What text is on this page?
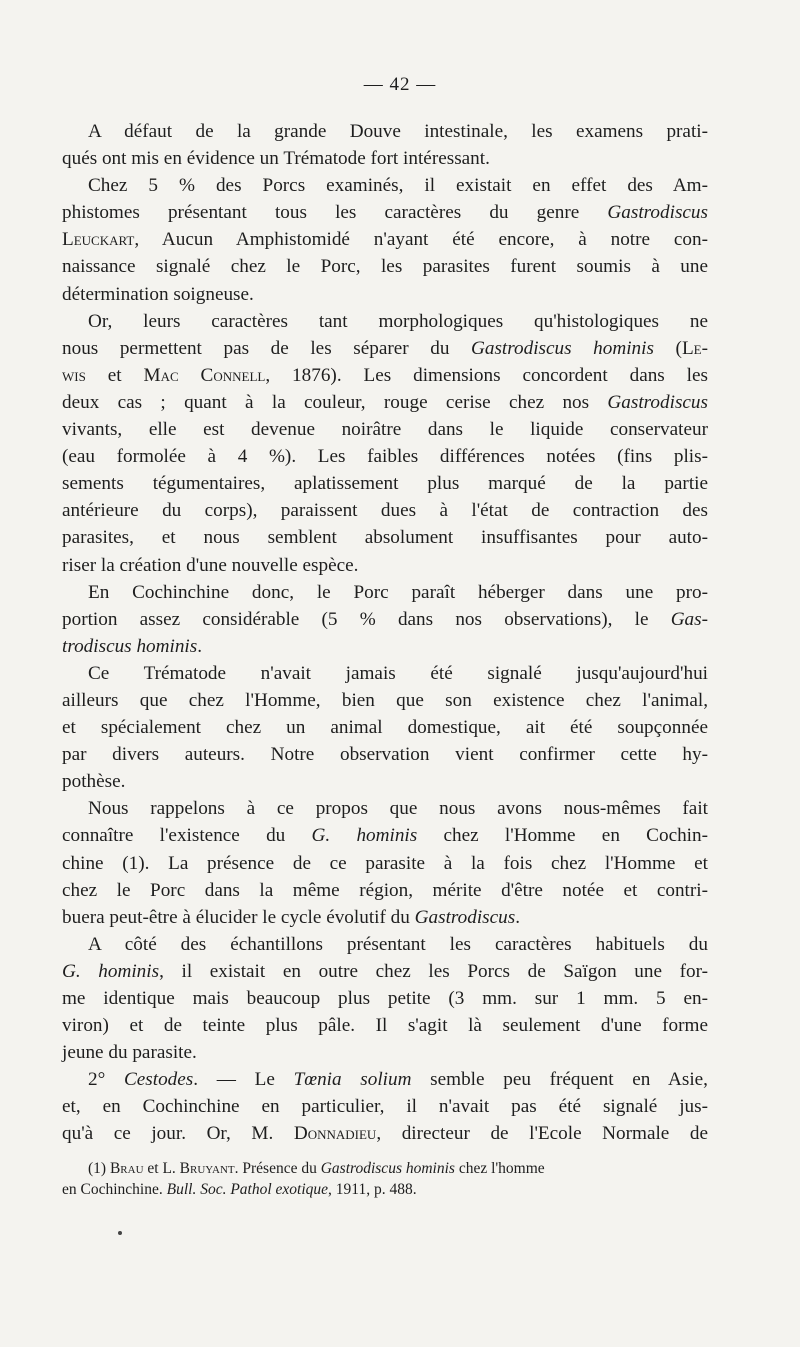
— 42 —
A défaut de la grande Douve intestinale, les examens prati-
qués ont mis en évidence un Trématode fort intéressant.
Chez 5 % des Porcs examinés, il existait en effet des Am-
phistomes présentant tous les caractères du genre Gastrodiscus
Leuckart, Aucun Amphistomidé n'ayant été encore, à notre con-
naissance signalé chez le Porc, les parasites furent soumis à une
détermination soigneuse.
Or, leurs caractères tant morphologiques qu'histologiques ne
nous permettent pas de les séparer du Gastrodiscus hominis (Le-
wis et Mac Connell, 1876). Les dimensions concordent dans les
deux cas ; quant à la couleur, rouge cerise chez nos Gastrodiscus
vivants, elle est devenue noirâtre dans le liquide conservateur
(eau formolée à 4 %). Les faibles différences notées (fins plis-
sements tégumentaires, aplatissement plus marqué de la partie
antérieure du corps), paraissent dues à l'état de contraction des
parasites, et nous semblent absolument insuffisantes pour auto-
riser la création d'une nouvelle espèce.
En Cochinchine donc, le Porc paraît héberger dans une pro-
portion assez considérable (5 % dans nos observations), le Gas-
trodiscus hominis.
Ce Trématode n'avait jamais été signalé jusqu'aujourd'hui
ailleurs que chez l'Homme, bien que son existence chez l'animal,
et spécialement chez un animal domestique, ait été soupçonnée
par divers auteurs. Notre observation vient confirmer cette hy-
pothèse.
Nous rappelons à ce propos que nous avons nous-mêmes fait
connaître l'existence du G. hominis chez l'Homme en Cochin-
chine (1). La présence de ce parasite à la fois chez l'Homme et
chez le Porc dans la même région, mérite d'être notée et contri-
buera peut-être à élucider le cycle évolutif du Gastrodiscus.
A côté des échantillons présentant les caractères habituels du
G. hominis, il existait en outre chez les Porcs de Saïgon une for-
me identique mais beaucoup plus petite (3 mm. sur 1 mm. 5 en-
viron) et de teinte plus pâle. Il s'agit là seulement d'une forme
jeune du parasite.
2° Cestodes. — Le Tœnia solium semble peu fréquent en Asie,
et, en Cochinchine en particulier, il n'avait pas été signalé jus-
qu'à ce jour. Or, M. Donnadieu, directeur de l'Ecole Normale de
(1) Brau et L. Bruyant. Présence du Gastrodiscus hominis chez l'homme
en Cochinchine. Bull. Soc. Pathol exotique, 1911, p. 488.
